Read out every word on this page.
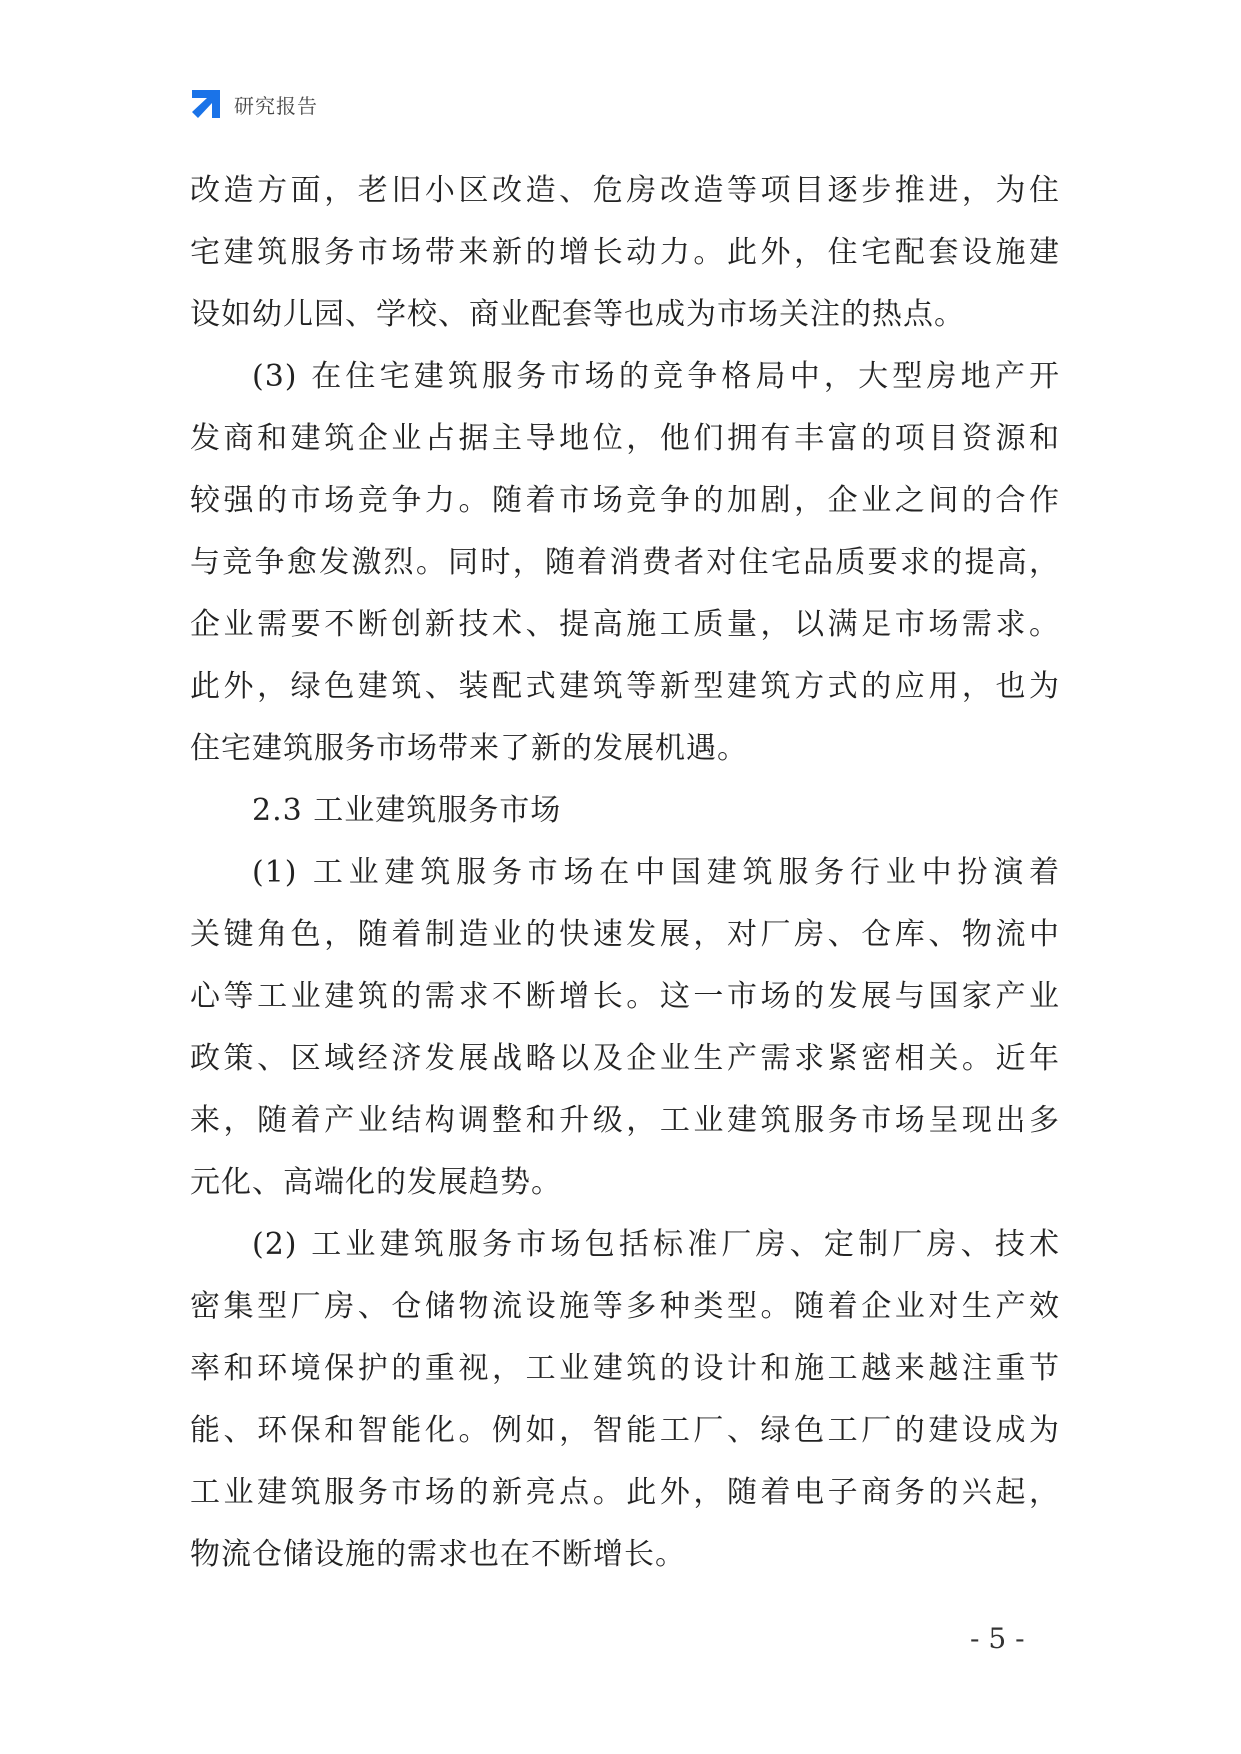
研究报告
改造方面，老旧小区改造、危房改造等项目逐步推进，为住
宅建筑服务市场带来新的增长动力。此外，住宅配套设施建
设如幼儿园、学校、商业配套等也成为市场关注的热点。
(3) 在住宅建筑服务市场的竞争格局中，大型房地产开
发商和建筑企业占据主导地位，他们拥有丰富的项目资源和
较强的市场竞争力。随着市场竞争的加剧，企业之间的合作
与竞争愈发激烈。同时，随着消费者对住宅品质要求的提高，
企业需要不断创新技术、提高施工质量，以满足市场需求。
此外，绿色建筑、装配式建筑等新型建筑方式的应用，也为
住宅建筑服务市场带来了新的发展机遇。
2.3 工业建筑服务市场
(1) 工业建筑服务市场在中国建筑服务行业中扮演着
关键角色，随着制造业的快速发展，对厂房、仓库、物流中
心等工业建筑的需求不断增长。这一市场的发展与国家产业
政策、区域经济发展战略以及企业生产需求紧密相关。近年
来，随着产业结构调整和升级，工业建筑服务市场呈现出多
元化、高端化的发展趋势。
(2) 工业建筑服务市场包括标准厂房、定制厂房、技术
密集型厂房、仓储物流设施等多种类型。随着企业对生产效
率和环境保护的重视，工业建筑的设计和施工越来越注重节
能、环保和智能化。例如，智能工厂、绿色工厂的建设成为
工业建筑服务市场的新亮点。此外，随着电子商务的兴起，
物流仓储设施的需求也在不断增长。
- 5 -
